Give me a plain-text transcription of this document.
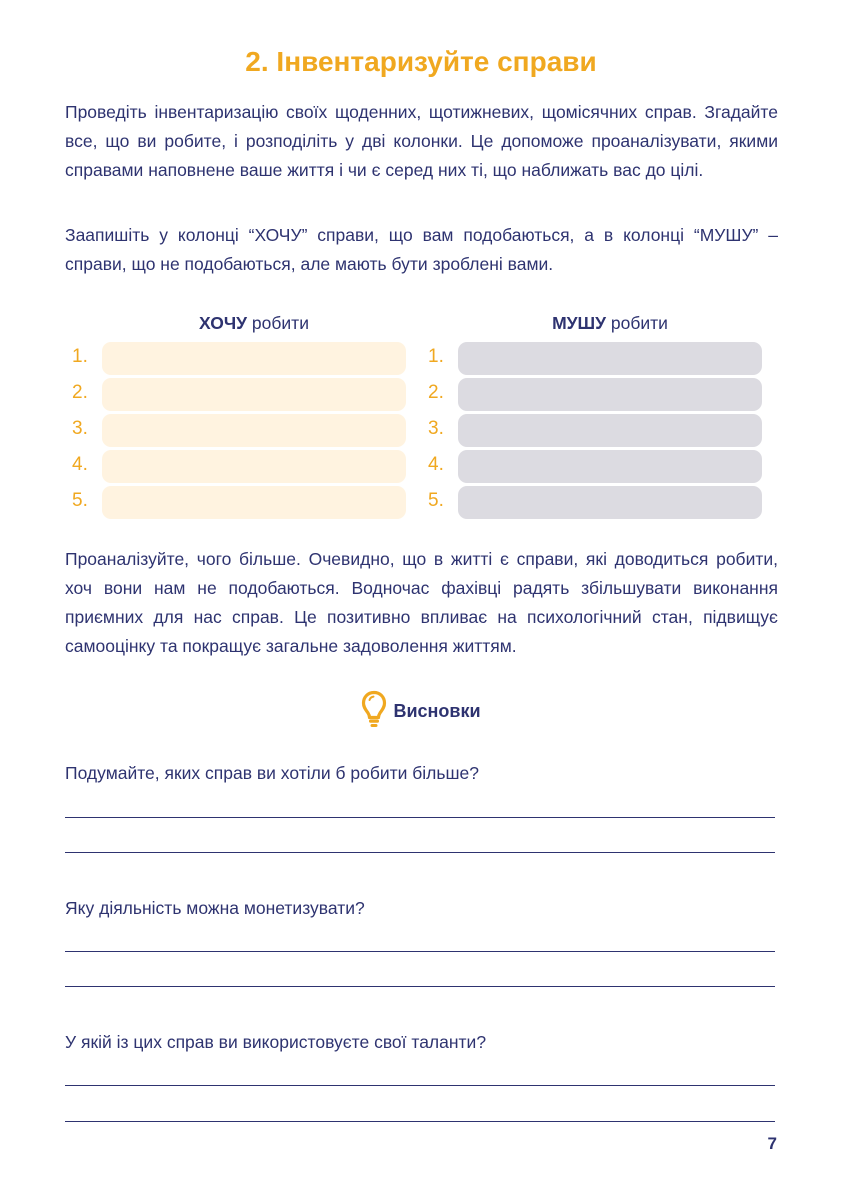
2. Інвентаризуйте справи

Проведіть інвентаризацію своїх щоденних, щотижневих, щомісячних справ. Згадайте все, що ви робите, і розподіліть у дві колонки. Це допоможе проаналізувати, якими справами наповнене ваше життя і чи є серед них ті, що наближать вас до цілі.

Заапишіть у колонці “ХОЧУ” справи, що вам подобаються, а в колонці “МУШУ” – справи, що не подобаються, але мають бути зроблені вами.

ХОЧУ робити	МУШУ робити
1.
2.
3.
4.
5.
1.
2.
3.
4.
5.

Проаналізуйте, чого більше. Очевидно, що в житті є справи, які доводиться робити, хоч вони нам не подобаються. Водночас фахівці радять збільшувати виконання приємних для нас справ. Це позитивно впливає на психологічний стан, підвищує самооцінку та покращує загальне задоволення життям.

Висновки
Подумайте, яких справ ви хотіли б робити більше?
Яку діяльність можна монетизувати?
У якій із цих справ ви використовуєте свої таланти?
7
